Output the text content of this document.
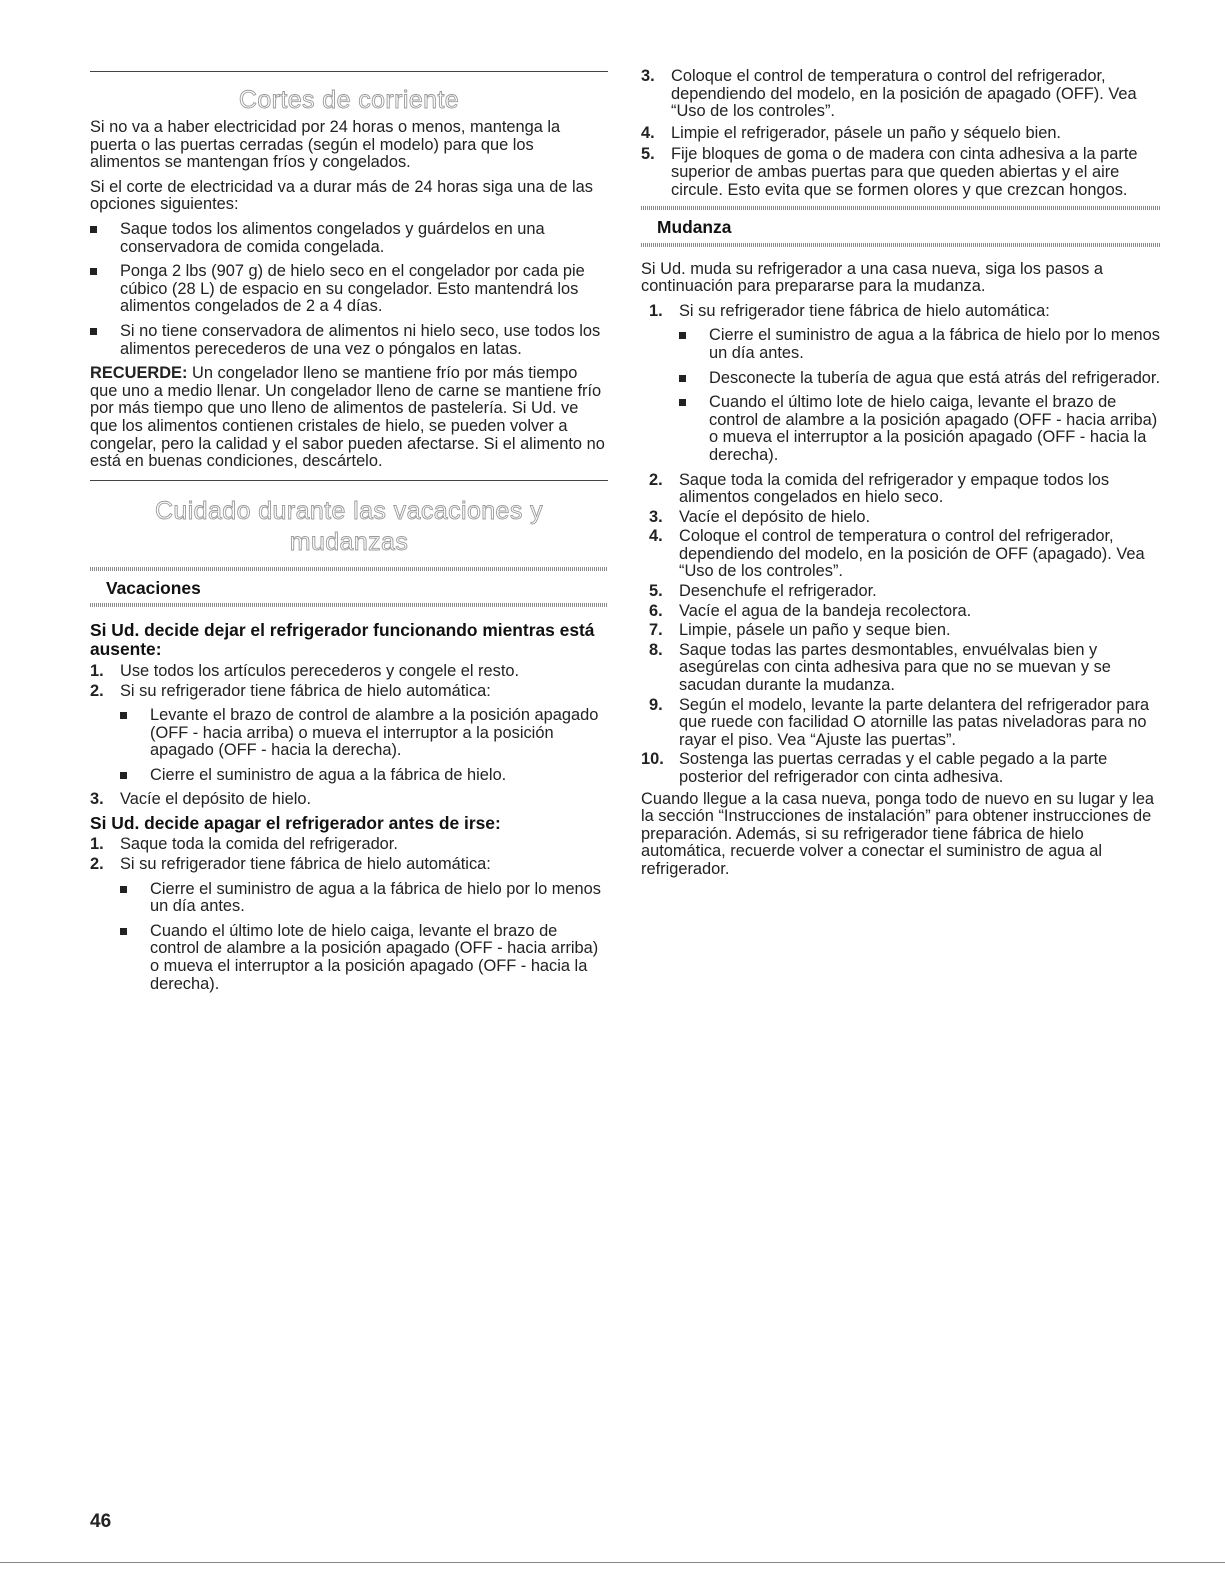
Cortes de corriente

Si no va a haber electricidad por 24 horas o menos, mantenga la puerta o las puertas cerradas (según el modelo) para que los alimentos se mantengan fríos y congelados.

Si el corte de electricidad va a durar más de 24 horas siga una de las opciones siguientes:

Saque todos los alimentos congelados y guárdelos en una conservadora de comida congelada.
Ponga 2 lbs (907 g) de hielo seco en el congelador por cada pie cúbico (28 L) de espacio en su congelador. Esto mantendrá los alimentos congelados de 2 a 4 días.
Si no tiene conservadora de alimentos ni hielo seco, use todos los alimentos perecederos de una vez o póngalos en latas.

RECUERDE: Un congelador lleno se mantiene frío por más tiempo que uno a medio llenar. Un congelador lleno de carne se mantiene frío por más tiempo que uno lleno de alimentos de pastelería. Si Ud. ve que los alimentos contienen cristales de hielo, se pueden volver a congelar, pero la calidad y el sabor pueden afectarse. Si el alimento no está en buenas condiciones, descártelo.

Cuidado durante las vacaciones y
mudanzas
Vacaciones
Si Ud. decide dejar el refrigerador funcionando mientras está ausente:
1. Use todos los artículos perecederos y congele el resto.
2. Si su refrigerador tiene fábrica de hielo automática:
Levante el brazo de control de alambre a la posición apagado (OFF - hacia arriba) o mueva el interruptor a la posición apagado (OFF - hacia la derecha).
Cierre el suministro de agua a la fábrica de hielo.
3. Vacíe el depósito de hielo.
Si Ud. decide apagar el refrigerador antes de irse:
1. Saque toda la comida del refrigerador.
2. Si su refrigerador tiene fábrica de hielo automática:
Cierre el suministro de agua a la fábrica de hielo por lo menos un día antes.
Cuando el último lote de hielo caiga, levante el brazo de control de alambre a la posición apagado (OFF - hacia arriba) o mueva el interruptor a la posición apagado (OFF - hacia la derecha).
3. Coloque el control de temperatura o control del refrigerador, dependiendo del modelo, en la posición de apagado (OFF). Vea “Uso de los controles”.
4. Limpie el refrigerador, pásele un paño y séquelo bien.
5. Fije bloques de goma o de madera con cinta adhesiva a la parte superior de ambas puertas para que queden abiertas y el aire circule. Esto evita que se formen olores y que crezcan hongos.
Mudanza

Si Ud. muda su refrigerador a una casa nueva, siga los pasos a continuación para prepararse para la mudanza.

1. Si su refrigerador tiene fábrica de hielo automática:
Cierre el suministro de agua a la fábrica de hielo por lo menos un día antes.
Desconecte la tubería de agua que está atrás del refrigerador.
Cuando el último lote de hielo caiga, levante el brazo de control de alambre a la posición apagado (OFF - hacia arriba) o mueva el interruptor a la posición apagado (OFF - hacia la derecha).
2. Saque toda la comida del refrigerador y empaque todos los alimentos congelados en hielo seco.
3. Vacíe el depósito de hielo.
4. Coloque el control de temperatura o control del refrigerador, dependiendo del modelo, en la posición de OFF (apagado). Vea “Uso de los controles”.
5. Desenchufe el refrigerador.
6. Vacíe el agua de la bandeja recolectora.
7. Limpie, pásele un paño y seque bien.
8. Saque todas las partes desmontables, envuélvalas bien y asegúrelas con cinta adhesiva para que no se muevan y se sacudan durante la mudanza.
9. Según el modelo, levante la parte delantera del refrigerador para que ruede con facilidad O atornille las patas niveladoras para no rayar el piso. Vea “Ajuste las puertas”.
10. Sostenga las puertas cerradas y el cable pegado a la parte posterior del refrigerador con cinta adhesiva.

Cuando llegue a la casa nueva, ponga todo de nuevo en su lugar y lea la sección “Instrucciones de instalación” para obtener instrucciones de preparación. Además, si su refrigerador tiene fábrica de hielo automática, recuerde volver a conectar el suministro de agua al refrigerador.

46
